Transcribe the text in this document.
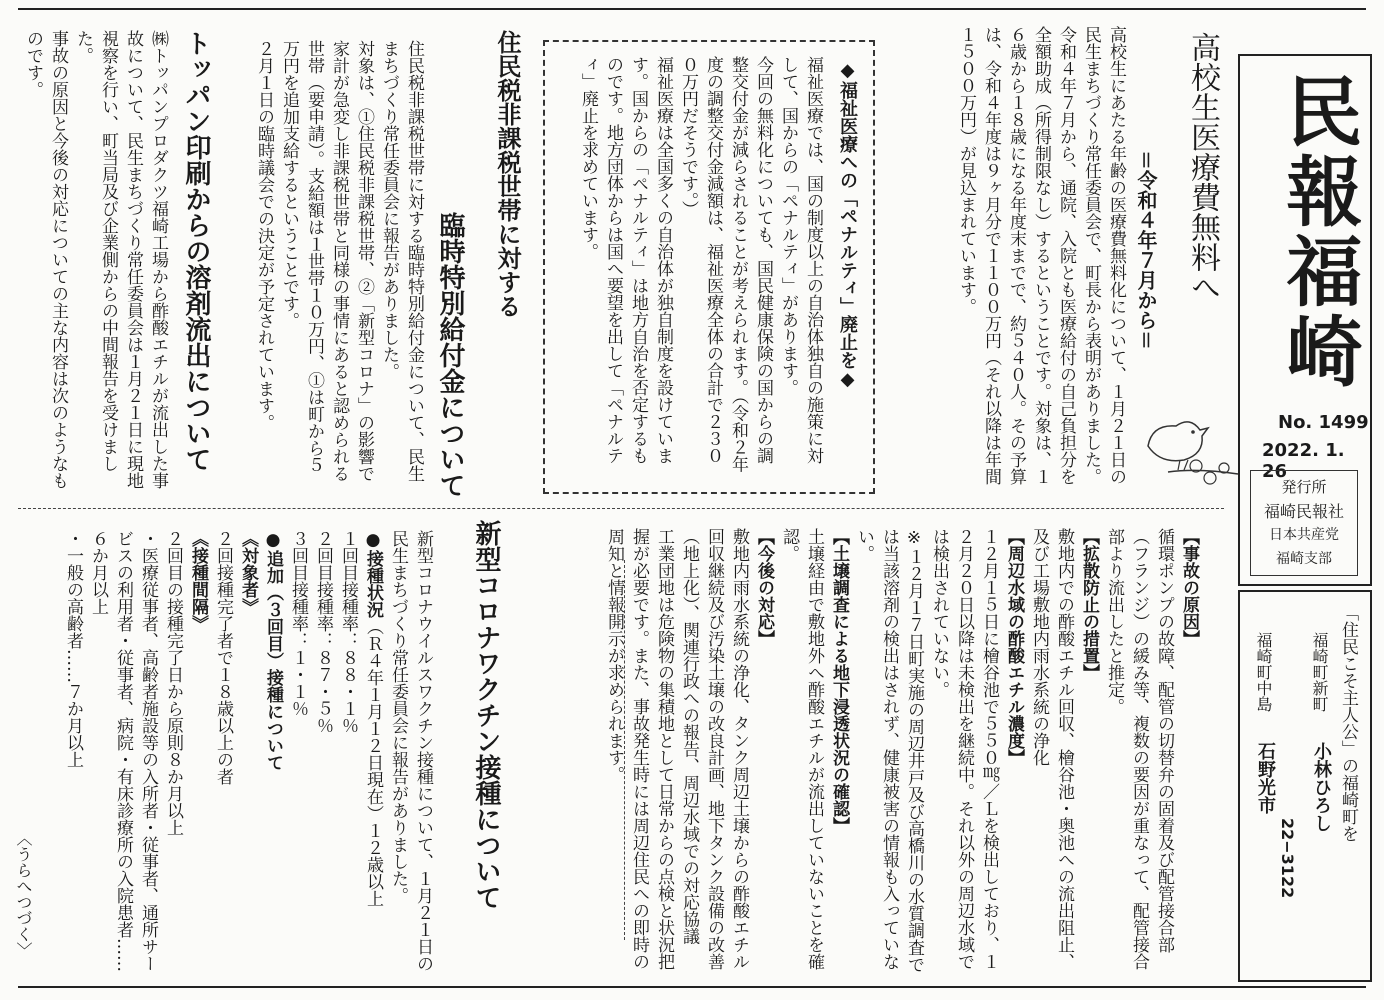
民報福崎
No. 1499
2022. 1. 26
発行所
福崎民報社
日本共産党
福崎支部
「住民こそ主人公」の福崎町を
福崎町新町
小林ひろし
22−3122
福崎町中島
石野光市
高校生医療費無料へ
＝令和４年７月から＝
高校生にあたる年齢の医療費無料化について、１月２１日の民生まちづくり常任委員会で、町長から表明がありました。
令和４年７月から、通院、入院とも医療給付の自己負担分を全額助成（所得制限なし）するということです。対象は、１６歳から１８歳になる年度末までで、約５４０人。その予算は、令和４年度は９ヶ月分で１１００万円（それ以降は年間１５００万円）が見込まれています。
◆福祉医療への「ペナルティ」廃止を◆
福祉医療では、国の制度以上の自治体独自の施策に対して、国からの「ペナルティ」があります。
今回の無料化についても、国民健康保険の国からの調整交付金が減らされることが考えられます。（令和２年度の調整交付金減額は、福祉医療全体の合計で２３００万円だそうです。）
福祉医療は全国多くの自治体が独自制度を設けています。国からの「ペナルティ」は地方自治を否定するものです。地方団体からは国へ要望を出して「ペナルティ」廃止を求めています。
住民税非課税世帯に対する
臨時特別給付金について
住民税非課税世帯に対する臨時特別給付金について、民生まちづくり常任委員会に報告がありました。
対象は、①住民税非課税世帯、②「新型コロナ」の影響で家計が急変し非課税世帯と同様の事情にあると認められる世帯（要申請）。支給額は１世帯１０万円、①は町から５万円を追加支給するということです。
２月１日の臨時議会での決定が予定されています。
トッパン印刷からの溶剤流出について
㈱トッパンプロダクツ福崎工場から酢酸エチルが流出した事故について、民生まちづくり常任委員会は１月２１日に現地視察を行い、町当局及び企業側からの中間報告を受けました。
事故の原因と今後の対応についての主な内容は次のようなものです。

【事故の原因】
循環ポンプの故障、配管の切替弁の固着及び配管接合部（フランジ）の緩み等、複数の要因が重なって、配管接合部より流出したと推定。
【拡散防止の措置】
敷地内での酢酸エチル回収、檜谷池・奥池への流出阻止、及び工場敷地内雨水系統の浄化
【周辺水域の酢酸エチル濃度】
１２月１５日に檜谷池で５５０㎎／Ｌを検出しており、１２月２０日以降は未検出を継続中。それ以外の周辺水域では検出されていない。
※１２月１７日町実施の周辺井戸及び高橋川の水質調査では当該溶剤の検出はされず、健康被害の情報も入っていない。
【土壌調査による地下浸透状況の確認】
土壌経由で敷地外へ酢酸エチルが流出していないことを確認。
【今後の対応】
敷地内雨水系統の浄化、タンク周辺土壌からの酢酸エチル回収継続及び汚染土壌の改良計画、地下タンク設備の改善（地上化）、関連行政への報告、周辺水域での対応協議
工業団地は危険物の集積地として日常からの点検と状況把握が必要です。また、事故発生時には周辺住民への即時の周知と情報開示が求められます。

新型コロナワクチン接種について

新型コロナウイルスワクチン接種について、１月２１日の民生まちづくり常任委員会に報告がありました。
●接種状況（Ｒ４年１月１２日現在）１２歳以上
１回目接種率：８８・１％
２回目接種率：８７・５％
３回目接種率：１・１％
●追加（３回目）接種について
《対象者》
２回接種完了者で１８歳以上の者
《接種間隔》
２回目の接種完了日から原則８か月以上
・医療従事者、高齢者施設等の入所者・従事者、通所サービスの利用者・従事者、病院・有床診療所の入院患者……６か月以上
・一般の高齢者……７か月以上

〈うらへつづく〉
